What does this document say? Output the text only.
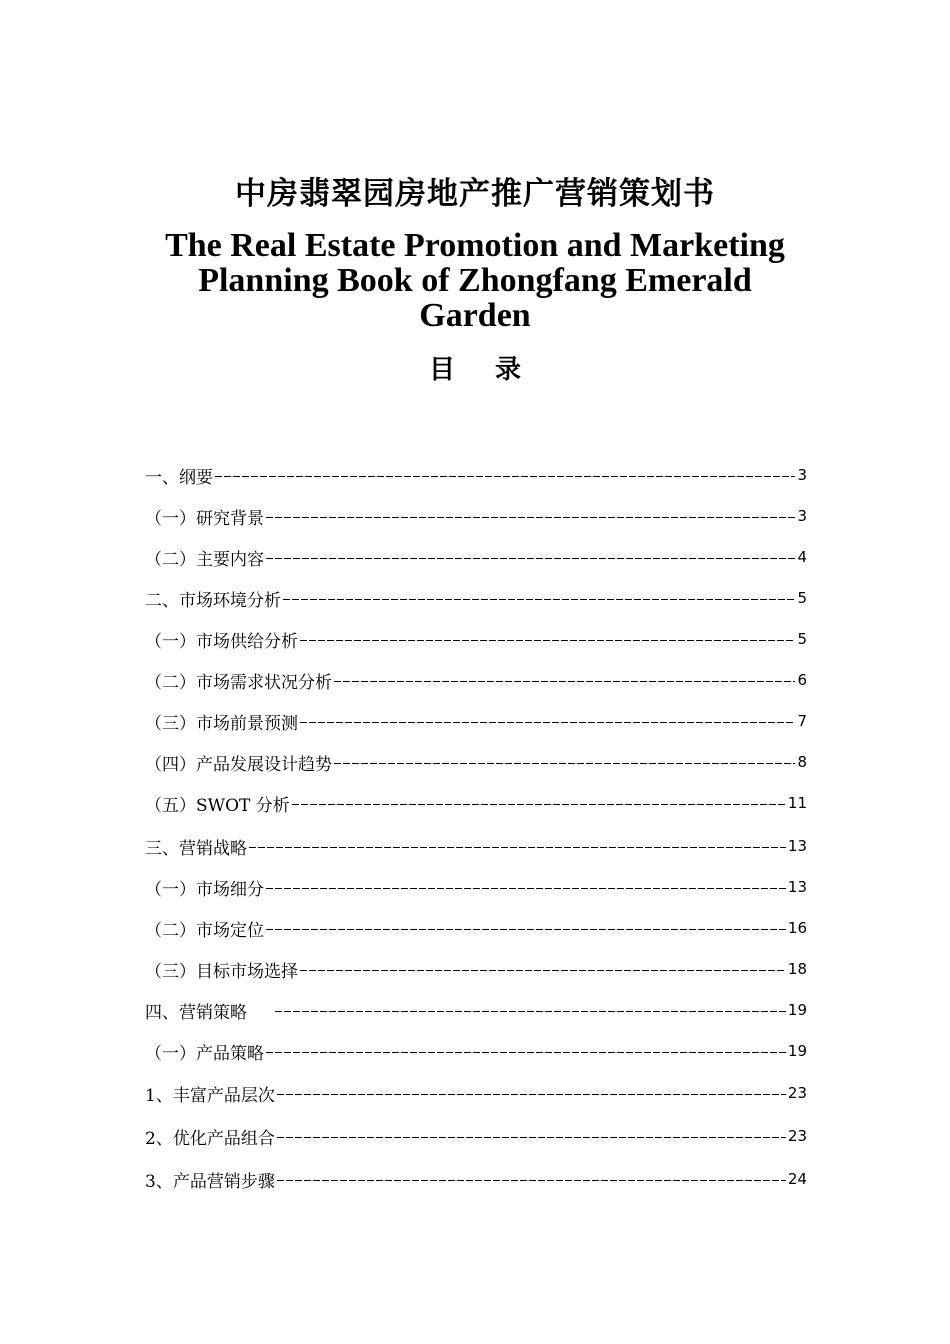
中房翡翠园房地产推广营销策划书
The Real Estate Promotion and Marketing Planning Book of Zhongfang Emerald Garden
目 录
一、纲要	3
（一）研究背景	3
（二）主要内容	4
二、市场环境分析	5
（一）市场供给分析	5
（二）市场需求状况分析	6
（三）市场前景预测	7
（四）产品发展设计趋势	8
（五）SWOT 分析	11
三、营销战略	13
（一）市场细分	13
（二）市场定位	16
（三）目标市场选择	18
四、营销策略	19
（一）产品策略	19
1、丰富产品层次	23
2、优化产品组合	23
3、产品营销步骤	24
